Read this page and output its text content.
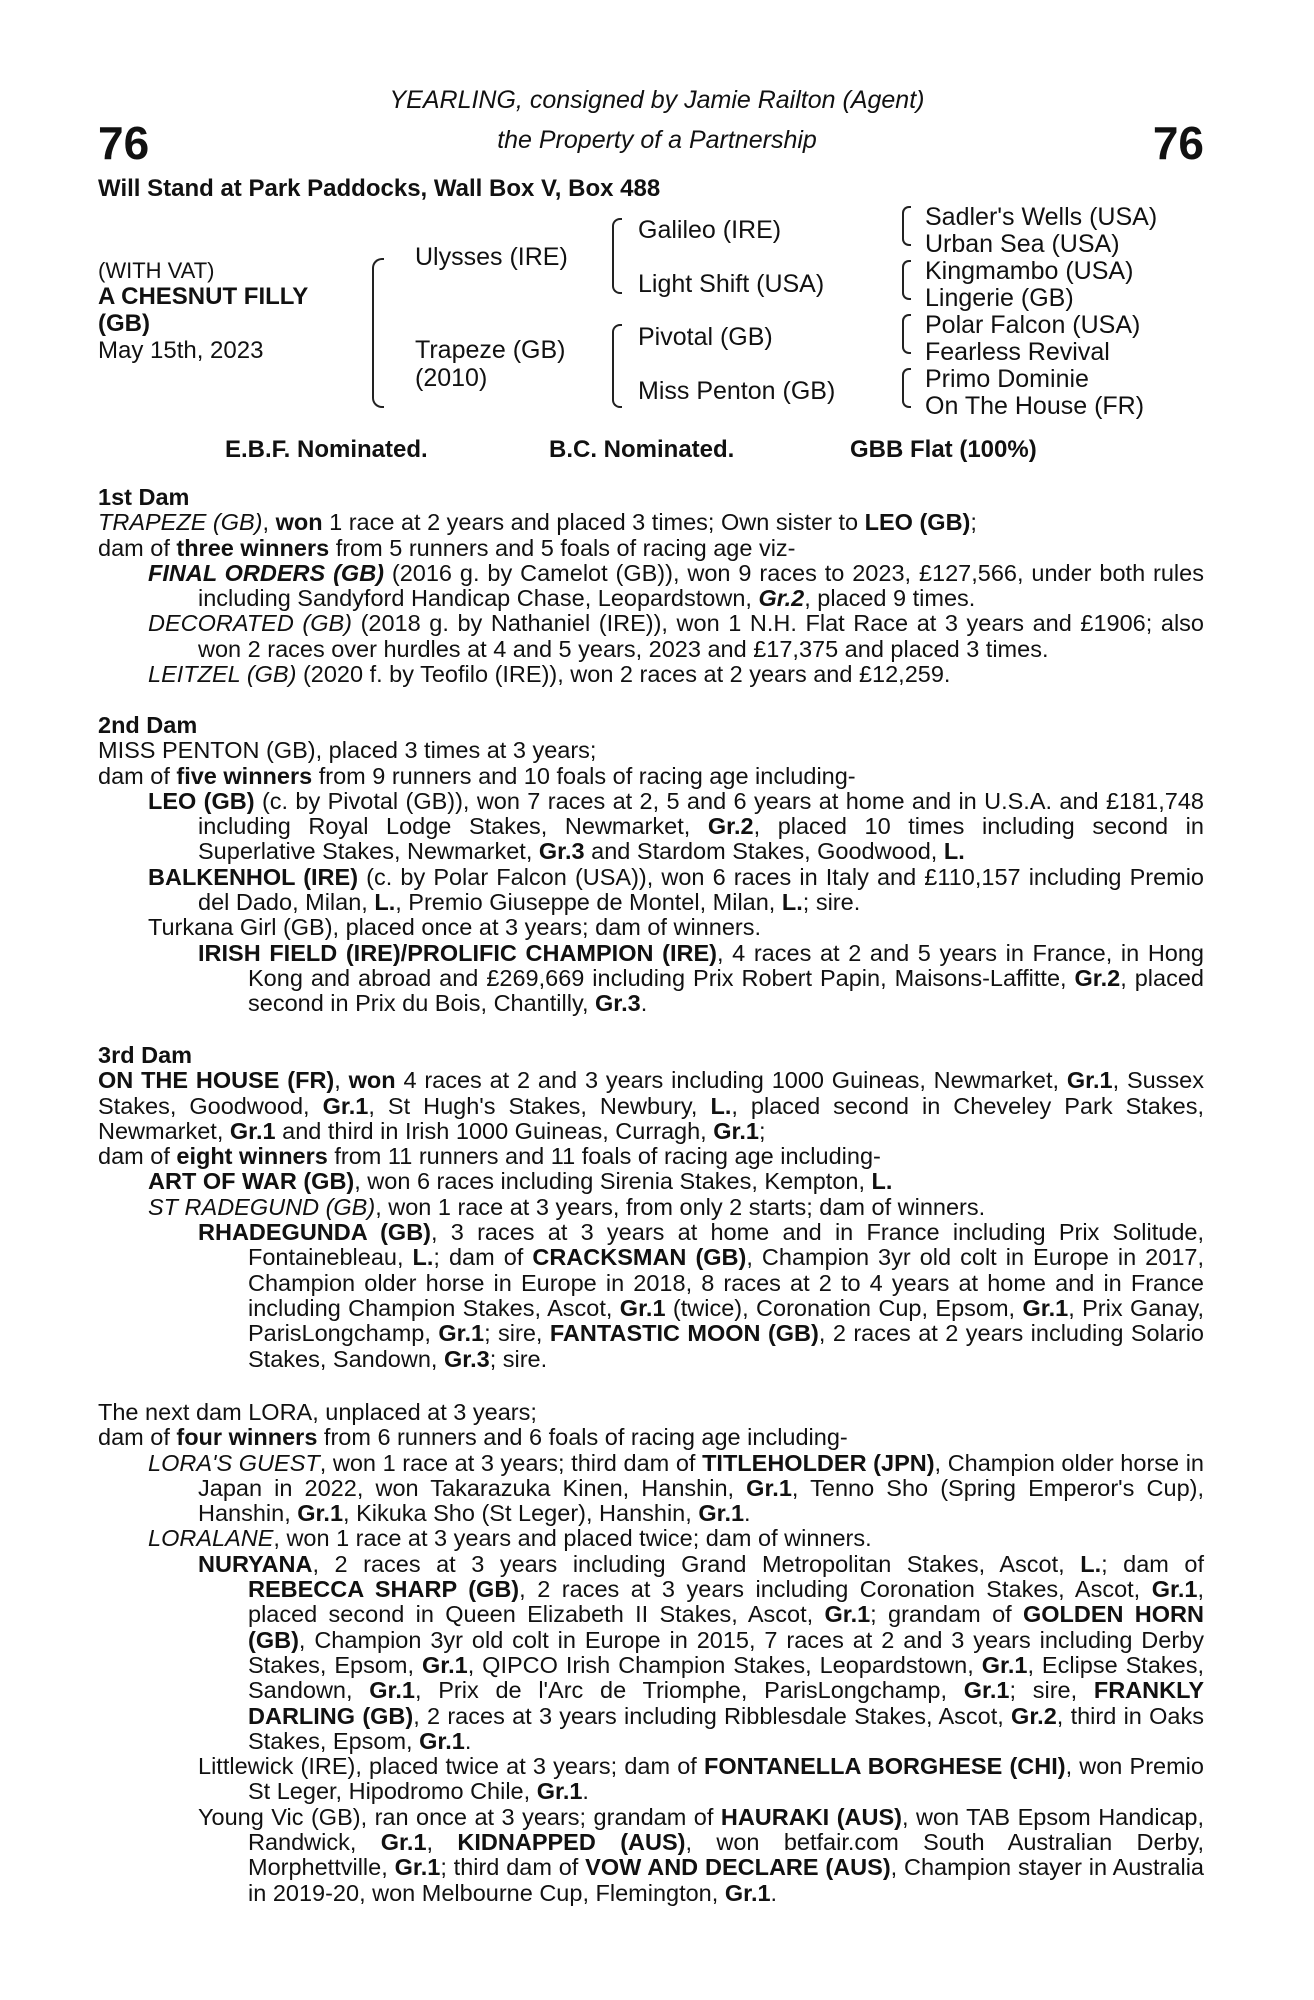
76	76
YEARLING, consigned by Jamie Railton (Agent)
the Property of a Partnership
Will Stand at Park Paddocks, Wall Box V, Box 488
(WITH VAT)
A CHESNUT FILLY
(GB)
May 15th, 2023
Ulysses (IRE)
Trapeze (GB)
(2010)
Galileo (IRE)
Light Shift (USA)
Pivotal (GB)
Miss Penton (GB)
Sadler's Wells (USA)
Urban Sea (USA)
Kingmambo (USA)
Lingerie (GB)
Polar Falcon (USA)
Fearless Revival
Primo Dominie
On The House (FR)
E.B.F. Nominated.	B.C. Nominated.	GBB Flat (100%)
1st Dam

TRAPEZE (GB), won 1 race at 2 years and placed 3 times; Own sister to LEO (GB);

dam of three winners from 5 runners and 5 foals of racing age viz-

FINAL ORDERS (GB) (2016 g. by Camelot (GB)), won 9 races to 2023, £127,566, under both rules including Sandyford Handicap Chase, Leopardstown, Gr.2, placed 9 times.

DECORATED (GB) (2018 g. by Nathaniel (IRE)), won 1 N.H. Flat Race at 3 years and £1906; also won 2 races over hurdles at 4 and 5 years, 2023 and £17,375 and placed 3 times.

LEITZEL (GB) (2020 f. by Teofilo (IRE)), won 2 races at 2 years and £12,259.

2nd Dam

MISS PENTON (GB), placed 3 times at 3 years;

dam of five winners from 9 runners and 10 foals of racing age including-

LEO (GB) (c. by Pivotal (GB)), won 7 races at 2, 5 and 6 years at home and in U.S.A. and £181,748 including Royal Lodge Stakes, Newmarket, Gr.2, placed 10 times including second in Superlative Stakes, Newmarket, Gr.3 and Stardom Stakes, Goodwood, L.

BALKENHOL (IRE) (c. by Polar Falcon (USA)), won 6 races in Italy and £110,157 including Premio del Dado, Milan, L., Premio Giuseppe de Montel, Milan, L.; sire.

Turkana Girl (GB), placed once at 3 years; dam of winners.

IRISH FIELD (IRE)/PROLIFIC CHAMPION (IRE), 4 races at 2 and 5 years in France, in Hong Kong and abroad and £269,669 including Prix Robert Papin, Maisons-Laffitte, Gr.2, placed second in Prix du Bois, Chantilly, Gr.3.

3rd Dam

ON THE HOUSE (FR), won 4 races at 2 and 3 years including 1000 Guineas, Newmarket, Gr.1, Sussex Stakes, Goodwood, Gr.1, St Hugh's Stakes, Newbury, L., placed second in Cheveley Park Stakes, Newmarket, Gr.1 and third in Irish 1000 Guineas, Curragh, Gr.1;

dam of eight winners from 11 runners and 11 foals of racing age including-

ART OF WAR (GB), won 6 races including Sirenia Stakes, Kempton, L.

ST RADEGUND (GB), won 1 race at 3 years, from only 2 starts; dam of winners.

RHADEGUNDA (GB), 3 races at 3 years at home and in France including Prix Solitude, Fontainebleau, L.; dam of CRACKSMAN (GB), Champion 3yr old colt in Europe in 2017, Champion older horse in Europe in 2018, 8 races at 2 to 4 years at home and in France including Champion Stakes, Ascot, Gr.1 (twice), Coronation Cup, Epsom, Gr.1, Prix Ganay, ParisLongchamp, Gr.1; sire, FANTASTIC MOON (GB), 2 races at 2 years including Solario Stakes, Sandown, Gr.3; sire.

The next dam LORA, unplaced at 3 years;

dam of four winners from 6 runners and 6 foals of racing age including-

LORA'S GUEST, won 1 race at 3 years; third dam of TITLEHOLDER (JPN), Champion older horse in Japan in 2022, won Takarazuka Kinen, Hanshin, Gr.1, Tenno Sho (Spring Emperor's Cup), Hanshin, Gr.1, Kikuka Sho (St Leger), Hanshin, Gr.1.

LORALANE, won 1 race at 3 years and placed twice; dam of winners.

NURYANA, 2 races at 3 years including Grand Metropolitan Stakes, Ascot, L.; dam of REBECCA SHARP (GB), 2 races at 3 years including Coronation Stakes, Ascot, Gr.1, placed second in Queen Elizabeth II Stakes, Ascot, Gr.1; grandam of GOLDEN HORN (GB), Champion 3yr old colt in Europe in 2015, 7 races at 2 and 3 years including Derby Stakes, Epsom, Gr.1, QIPCO Irish Champion Stakes, Leopardstown, Gr.1, Eclipse Stakes, Sandown, Gr.1, Prix de l'Arc de Triomphe, ParisLongchamp, Gr.1; sire, FRANKLY DARLING (GB), 2 races at 3 years including Ribblesdale Stakes, Ascot, Gr.2, third in Oaks Stakes, Epsom, Gr.1.

Littlewick (IRE), placed twice at 3 years; dam of FONTANELLA BORGHESE (CHI), won Premio St Leger, Hipodromo Chile, Gr.1.

Young Vic (GB), ran once at 3 years; grandam of HAURAKI (AUS), won TAB Epsom Handicap, Randwick, Gr.1, KIDNAPPED (AUS), won betfair.com South Australian Derby, Morphettville, Gr.1; third dam of VOW AND DECLARE (AUS), Champion stayer in Australia in 2019-20, won Melbourne Cup, Flemington, Gr.1.
